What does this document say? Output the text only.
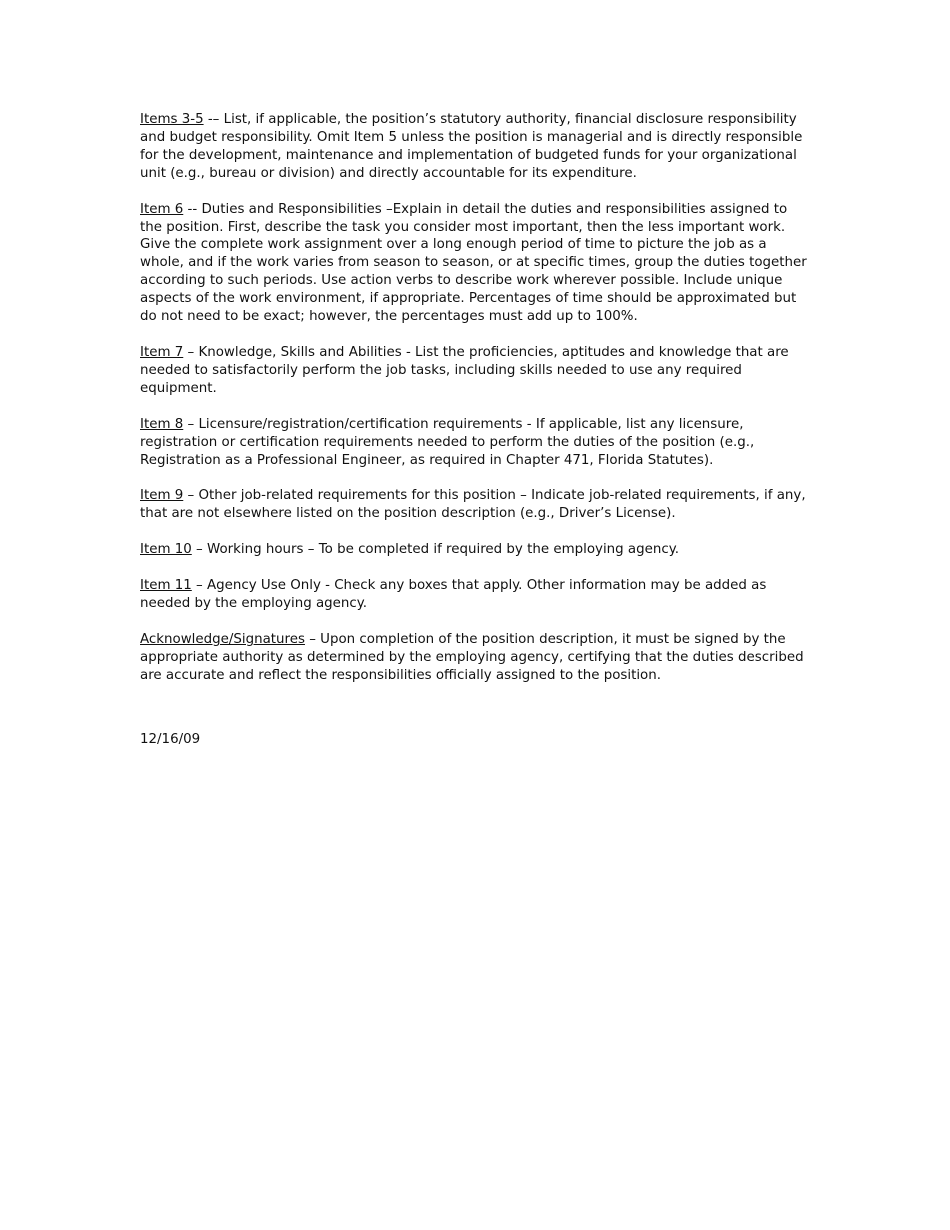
Items 3-5 -– List, if applicable, the position’s statutory authority, financial disclosure responsibility and budget responsibility. Omit Item 5 unless the position is managerial and is directly responsible for the development, maintenance and implementation of budgeted funds for your organizational unit (e.g., bureau or division) and directly accountable for its expenditure.

Item 6 -- Duties and Responsibilities –Explain in detail the duties and responsibilities assigned to the position. First, describe the task you consider most important, then the less important work. Give the complete work assignment over a long enough period of time to picture the job as a whole, and if the work varies from season to season, or at specific times, group the duties together according to such periods. Use action verbs to describe work wherever possible. Include unique aspects of the work environment, if appropriate. Percentages of time should be approximated but do not need to be exact; however, the percentages must add up to 100%.

Item 7 – Knowledge, Skills and Abilities - List the proficiencies, aptitudes and knowledge that are needed to satisfactorily perform the job tasks, including skills needed to use any required equipment.

Item 8 – Licensure/registration/certification requirements - If applicable, list any licensure, registration or certification requirements needed to perform the duties of the position (e.g., Registration as a Professional Engineer, as required in Chapter 471, Florida Statutes).

Item 9 – Other job-related requirements for this position – Indicate job-related requirements, if any, that are not elsewhere listed on the position description (e.g., Driver’s License).

Item 10 – Working hours – To be completed if required by the employing agency.

Item 11 – Agency Use Only - Check any boxes that apply. Other information may be added as needed by the employing agency.

Acknowledge/Signatures – Upon completion of the position description, it must be signed by the appropriate authority as determined by the employing agency, certifying that the duties described are accurate and reflect the responsibilities officially assigned to the position.

12/16/09
